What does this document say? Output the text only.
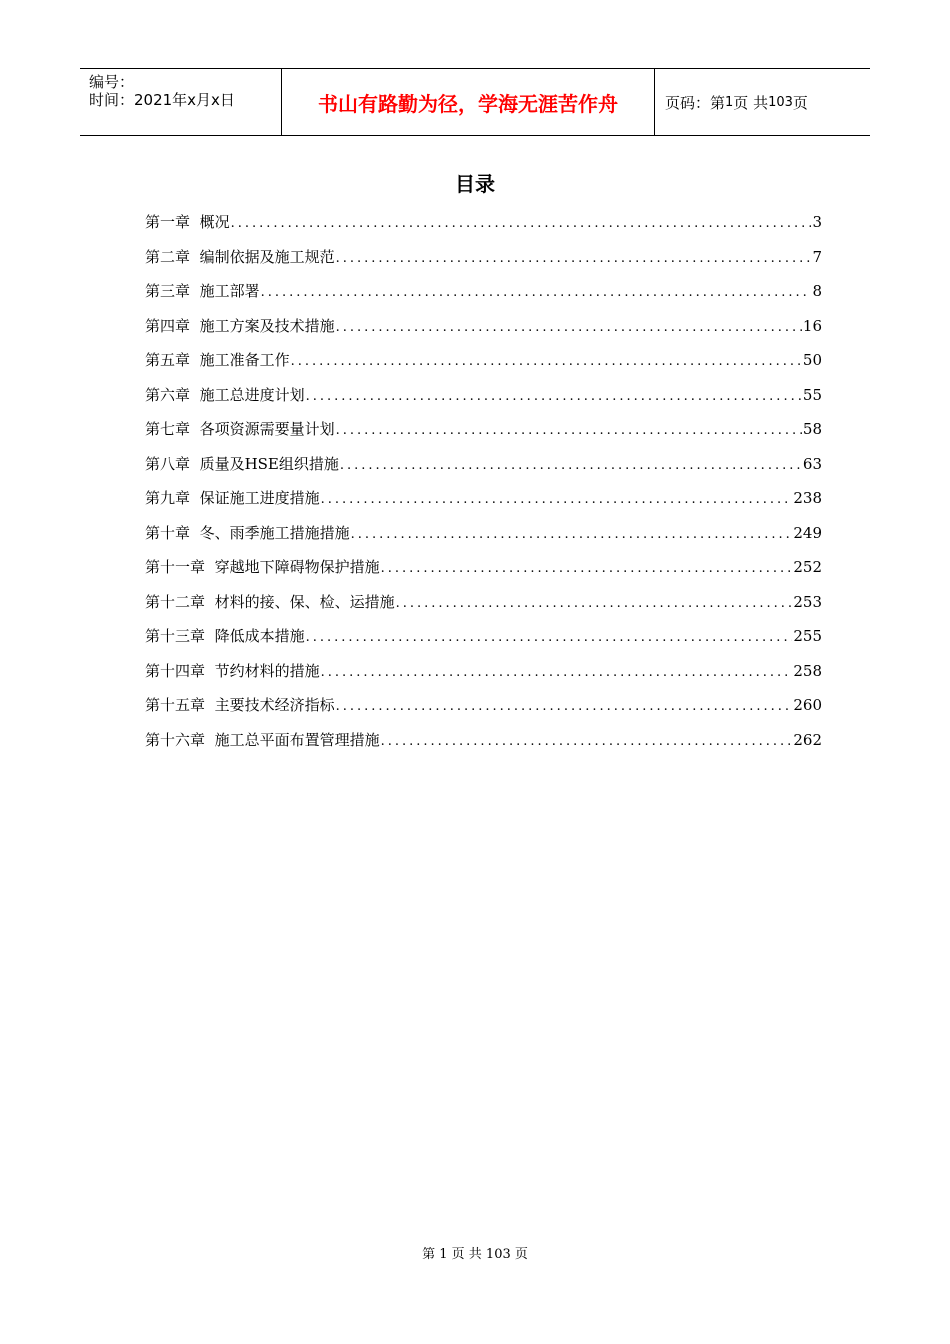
编号：
时间：2021年x月x日	书山有路勤为径，学海无涯苦作舟	页码：第 1 页 共 103 页
目录
第一章 概况 .....	3
第二章 编制依据及施工规范 .....	7
第三章 施工部署 .....	8
第四章 施工方案及技术措施 .....	16
第五章 施工准备工作 .....	50
第六章 施工总进度计划 .....	55
第七章 各项资源需要量计划 .....	58
第八章 质量及HSE组织措施 .....	63
第九章 保证施工进度措施 .....	238
第十章 冬、雨季施工措施措施 .....	249
第十一章 穿越地下障碍物保护措施 .....	252
第十二章 材料的接、保、检、运措施 .....	253
第十三章 降低成本措施 .....	255
第十四章 节约材料的措施 .....	258
第十五章 主要技术经济指标 .....	260
第十六章 施工总平面布置管理措施 .....	262
第 1 页 共 103 页
